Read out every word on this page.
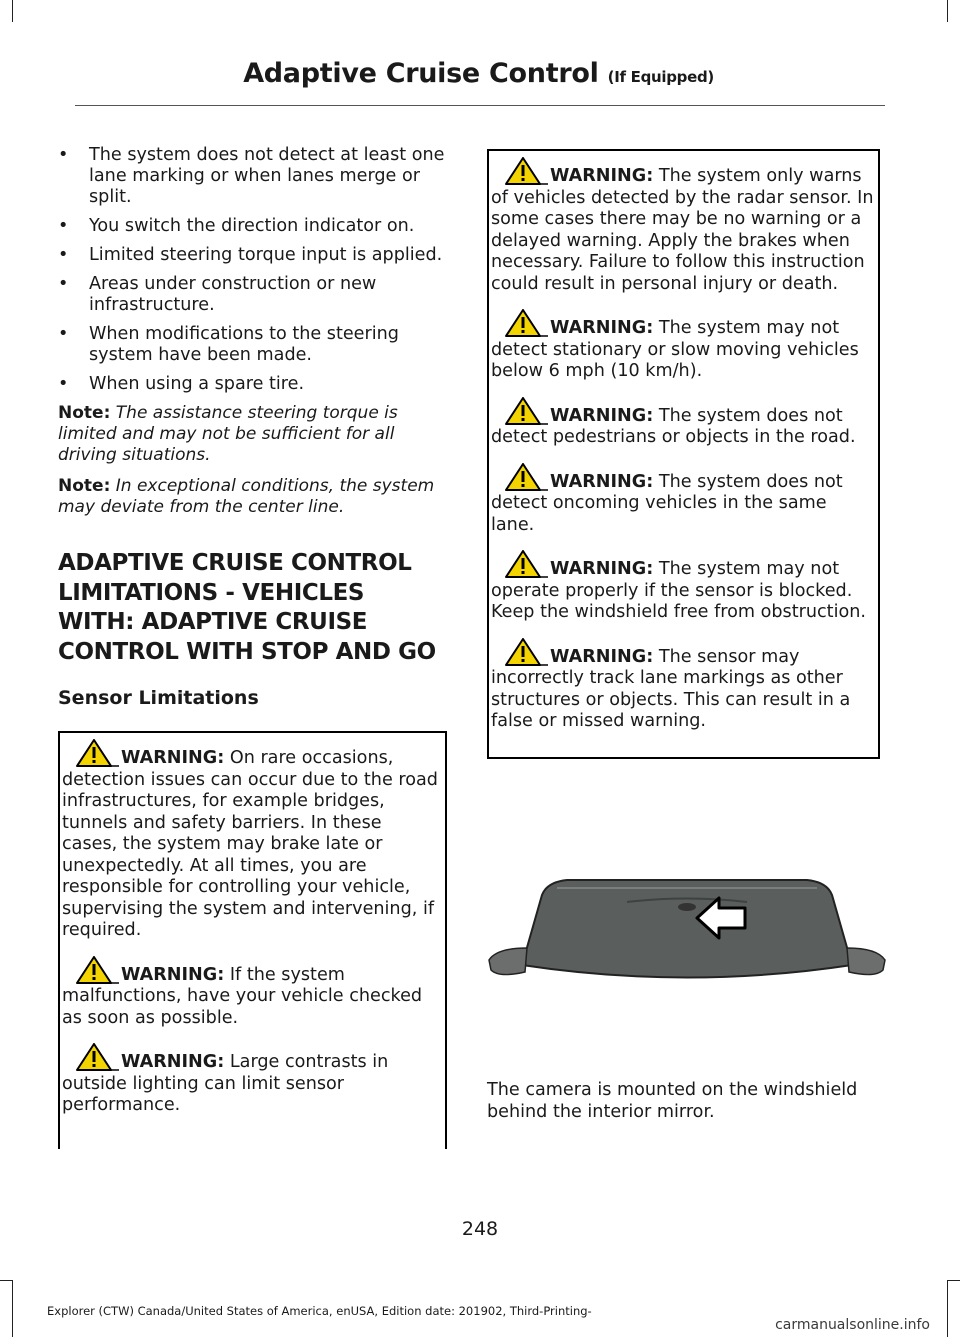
Adaptive Cruise Control (If Equipped)
•	The system does not detect at least one lane marking or when lanes merge or split.
•	You switch the direction indicator on.
•	Limited steering torque input is applied.
•	Areas under construction or new infrastructure.
•	When modifications to the steering system have been made.
•	When using a spare tire.

Note: The assistance steering torque is limited and may not be sufficient for all driving situations.

Note: In exceptional conditions, the system may deviate from the center line.

ADAPTIVE CRUISE CONTROL LIMITATIONS - VEHICLES WITH: ADAPTIVE CRUISE CONTROL WITH STOP AND GO
Sensor Limitations

WARNING: On rare occasions, detection issues can occur due to the road infrastructures, for example bridges, tunnels and safety barriers. In these cases, the system may brake late or unexpectedly. At all times, you are responsible for controlling your vehicle, supervising the system and intervening, if required.

WARNING: If the system malfunctions, have your vehicle checked as soon as possible.

WARNING: Large contrasts in outside lighting can limit sensor performance.

WARNING: The system only warns of vehicles detected by the radar sensor. In some cases there may be no warning or a delayed warning. Apply the brakes when necessary. Failure to follow this instruction could result in personal injury or death.

WARNING: The system may not detect stationary or slow moving vehicles below 6 mph (10 km/h).

WARNING: The system does not detect pedestrians or objects in the road.

WARNING: The system does not detect oncoming vehicles in the same lane.

WARNING: The system may not operate properly if the sensor is blocked. Keep the windshield free from obstruction.

WARNING: The sensor may incorrectly track lane markings as other structures or objects. This can result in a false or missed warning.

The camera is mounted on the windshield behind the interior mirror.
248
Explorer (CTW) Canada/United States of America, enUSA, Edition date: 201902, Third-Printing-
carmanualsonline.info
